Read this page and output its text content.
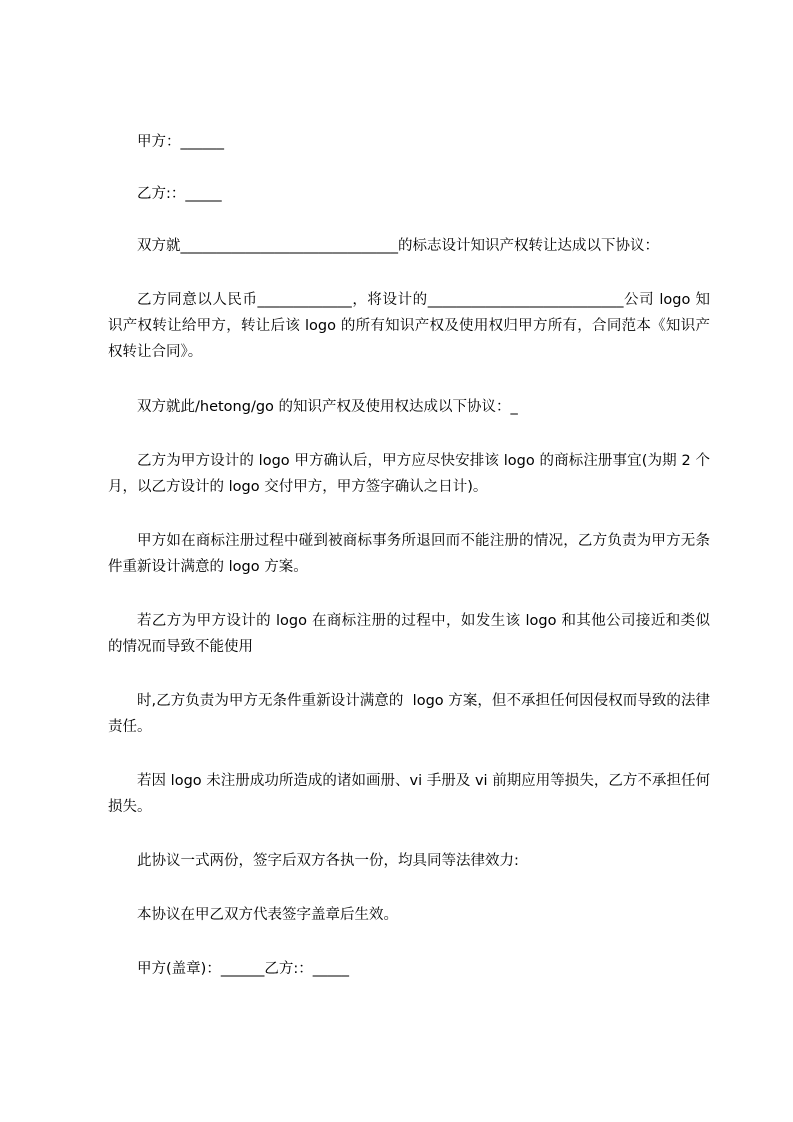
甲方：______

乙方:：_____

双方就______________________________的标志设计知识产权转让达成以下协议：

乙方同意以人民币_____________，将设计的___________________________公司 logo 知识产权转让给甲方，转让后该 logo 的所有知识产权及使用权归甲方所有，合同范本《知识产权转让合同》。

双方就此/hetong/go 的知识产权及使用权达成以下协议：_

乙方为甲方设计的 logo 甲方确认后，甲方应尽快安排该 logo 的商标注册事宜(为期 2 个月，以乙方设计的 logo 交付甲方，甲方签字确认之日计)。

甲方如在商标注册过程中碰到被商标事务所退回而不能注册的情况，乙方负责为甲方无条件重新设计满意的 logo 方案。

若乙方为甲方设计的 logo 在商标注册的过程中，如发生该 logo 和其他公司接近和类似的情况而导致不能使用

时,乙方负责为甲方无条件重新设计满意的  logo 方案，但不承担任何因侵权而导致的法律责任。

若因 logo 未注册成功所造成的诸如画册、vi 手册及 vi 前期应用等损失，乙方不承担任何损失。

此协议一式两份，签字后双方各执一份，均具同等法律效力:

本协议在甲乙双方代表签字盖章后生效。

甲方(盖章)：______乙方:：_____
